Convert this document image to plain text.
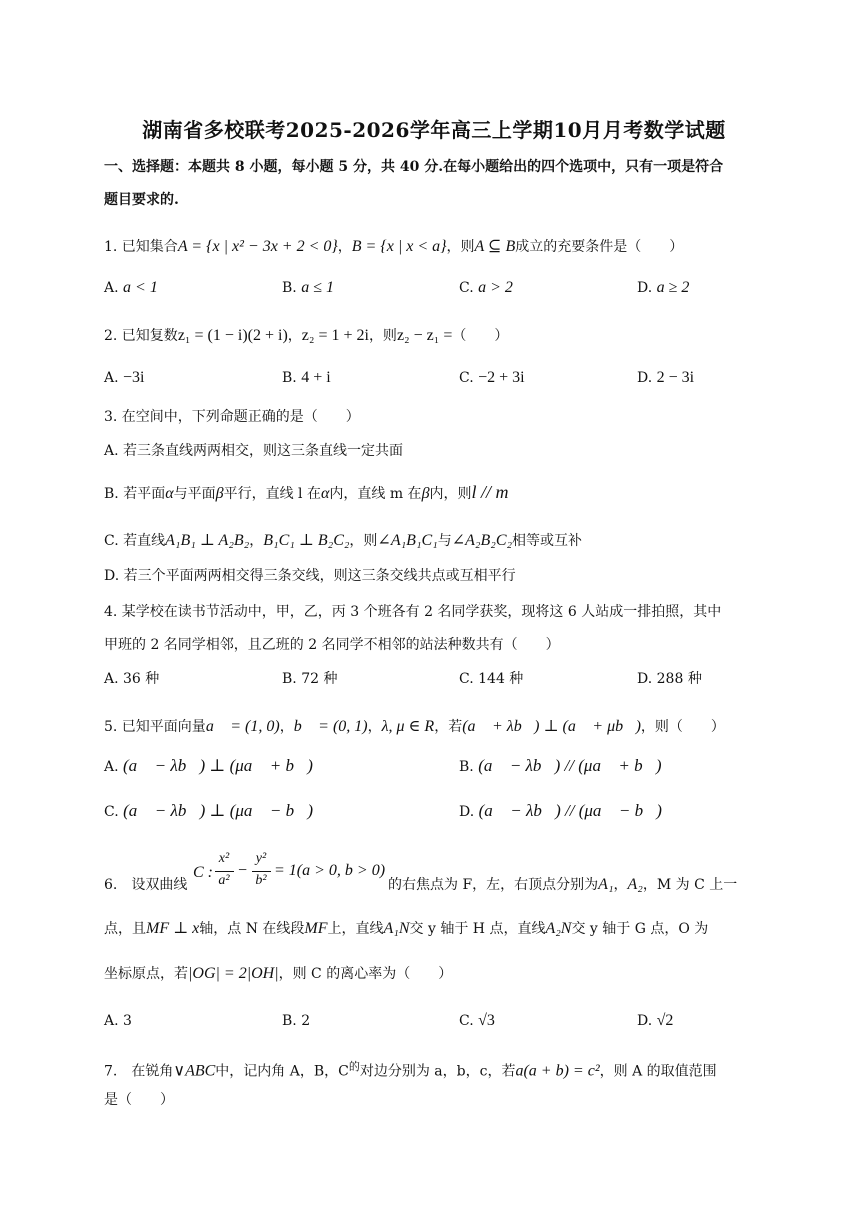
湖南省多校联考2025-2026学年高三上学期10月月考数学试题
一、选择题：本题共 8 小题，每小题 5 分，共 40 分.在每小题给出的四个选项中，只有一项是符合
题目要求的.
1. 已知集合A = {x | x² − 3x + 2 < 0}，B = {x | x < a}，则A ⊆ B成立的充要条件是（　　）
A. a < 1	B. a ≤ 1	C. a > 2	D. a ≥ 2
2. 已知复数z₁ = (1 − i)(2 + i)，z₂ = 1 + 2i，则z₂ − z₁ =（　　）
A. −3i	B. 4 + i	C. −2 + 3i	D. 2 − 3i
3. 在空间中，下列命题正确的是（　　）
A. 若三条直线两两相交，则这三条直线一定共面
B. 若平面α与平面β平行，直线 l 在α内，直线 m 在β内，则l // m
C. 若直线A₁B₁ ⊥ A₂B₂，B₁C₁ ⊥ B₂C₂，则∠A₁B₁C₁与∠A₂B₂C₂相等或互补
D. 若三个平面两两相交得三条交线，则这三条交线共点或互相平行
4. 某学校在读书节活动中，甲，乙，丙 3 个班各有 2 名同学获奖，现将这 6 人站成一排拍照，其中
甲班的 2 名同学相邻，且乙班的 2 名同学不相邻的站法种数共有（　　）
A. 36 种	B. 72 种	C. 144 种	D. 288 种
5. 已知平面向量a⃗ = (1, 0)，b⃗ = (0, 1)，λ, μ ∈ R，若(a⃗ + λb⃗) ⊥ (a⃗ + μb⃗)，则（　　）
A. (a⃗ − λb⃗) ⊥ (μa⃗ + b⃗)	B. (a⃗ − λb⃗) // (μa⃗ + b⃗)
C. (a⃗ − λb⃗) ⊥ (μa⃗ − b⃗)	D. (a⃗ − λb⃗) // (μa⃗ − b⃗)
6.　设双曲线
C :
x²
a²
−
y²
b²
= 1(a > 0, b > 0)
的右焦点为 F，左，右顶点分别为A₁，A₂，M 为 C 上一
点，且MF ⊥ x轴，点 N 在线段MF上，直线A₁N交 y 轴于 H 点，直线A₂N交 y 轴于 G 点，O 为
坐标原点，若|OG| = 2|OH|，则 C 的离心率为（　　）
A. 3	B. 2	C. √3	D. √2
7.　在锐角∨ABC中，记内角 A，B，$C^的$对边分别为 a，b，c，若a(a + b) = c²，则 A 的取值范围
是（　　）
